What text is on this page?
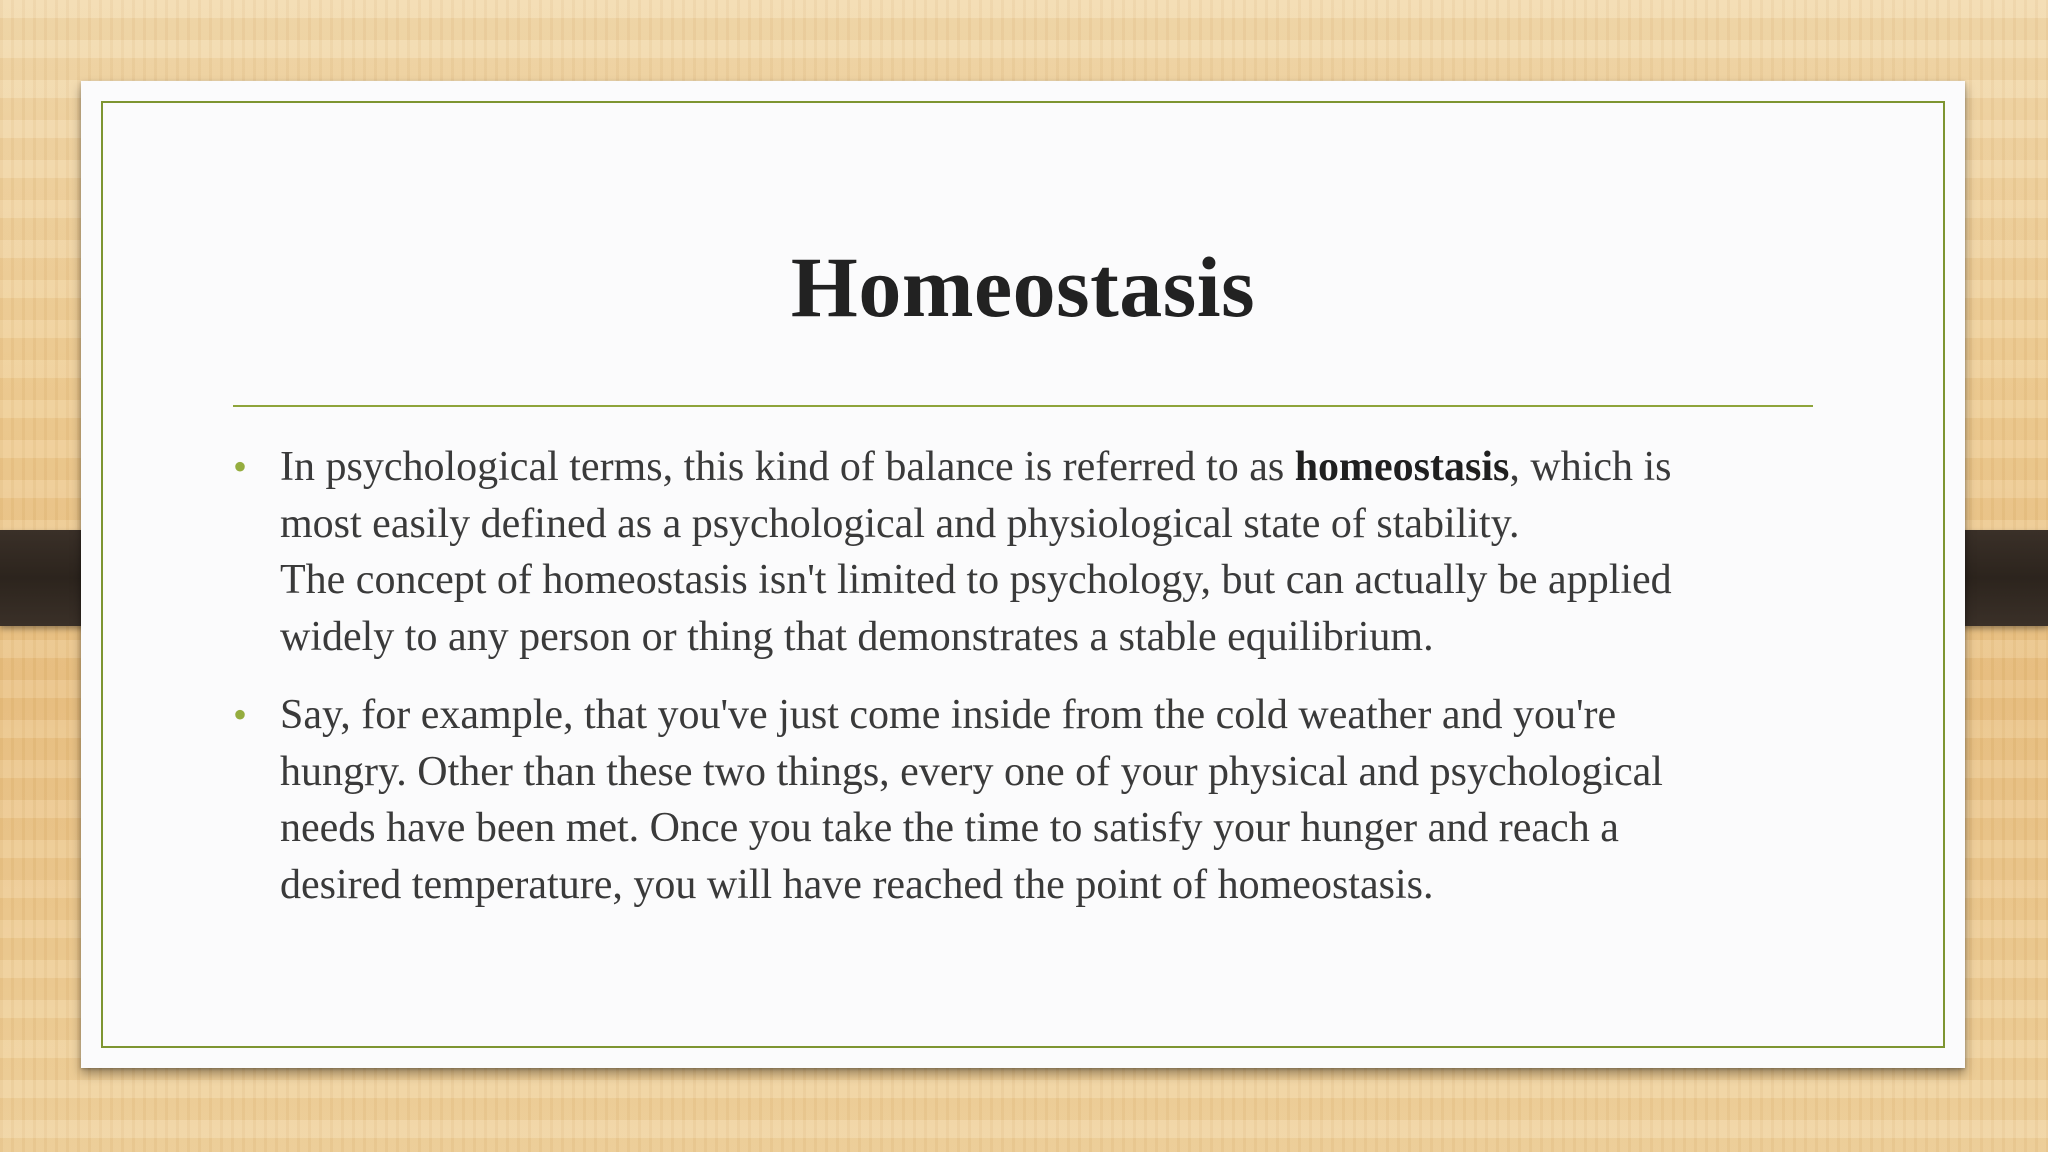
Homeostasis
• In psychological terms, this kind of balance is referred to as homeostasis, which is
most easily defined as a psychological and physiological state of stability.
The concept of homeostasis isn't limited to psychology, but can actually be applied
widely to any person or thing that demonstrates a stable equilibrium.
• Say, for example, that you've just come inside from the cold weather and you're
hungry. Other than these two things, every one of your physical and psychological
needs have been met. Once you take the time to satisfy your hunger and reach a
desired temperature, you will have reached the point of homeostasis.
